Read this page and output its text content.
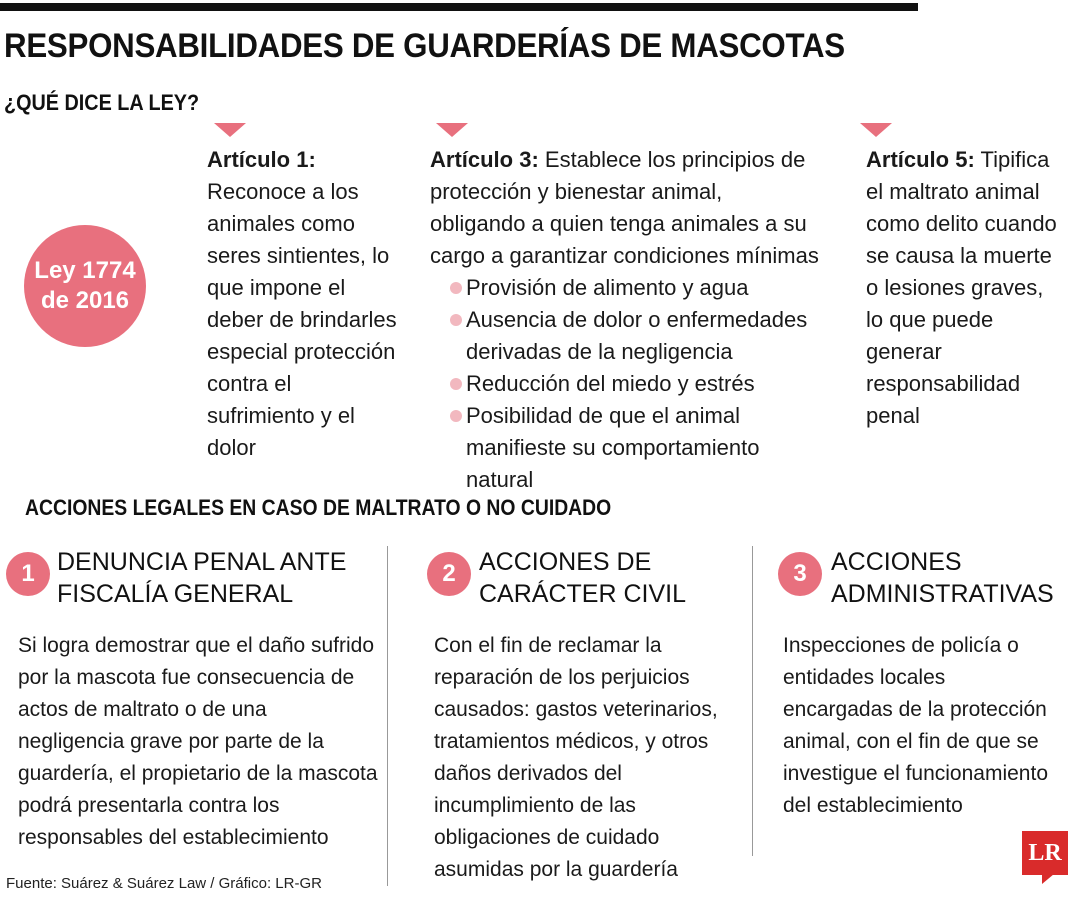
RESPONSABILIDADES DE GUARDERÍAS DE MASCOTAS
¿QUÉ DICE LA LEY?
Ley 1774
de 2016

Artículo 1:

Reconoce a los animales como seres sintientes, lo que impone el deber de brindarles especial protección contra el sufrimiento y el dolor

Artículo 3: Establece los principios de protección y bienestar animal, obligando a quien tenga animales a su cargo a garantizar condiciones mínimas

Provisión de alimento y agua
Ausencia de dolor o enfermedades derivadas de la negligencia
Reducción del miedo y estrés
Posibilidad de que el animal manifieste su comportamiento natural

Artículo 5: Tipifica el maltrato animal como delito cuando se causa la muerte o lesiones graves, lo que puede generar responsabilidad penal

ACCIONES LEGALES EN CASO DE MALTRATO O NO CUIDADO
1 DENUNCIA PENAL ANTE FISCALÍA GENERAL
Si logra demostrar que el daño sufrido por la mascota fue consecuencia de actos de maltrato o de una negligencia grave por parte de la guardería, el propietario de la mascota podrá presentarla contra los responsables del establecimiento
2 ACCIONES DE CARÁCTER CIVIL
Con el fin de reclamar la reparación de los perjuicios causados: gastos veterinarios, tratamientos médicos, y otros daños derivados del incumplimiento de las obligaciones de cuidado asumidas por la guardería
3 ACCIONES ADMINISTRATIVAS
Inspecciones de policía o entidades locales encargadas de la protección animal, con el fin de que se investigue el funcionamiento del establecimiento
Fuente: Suárez & Suárez Law / Gráfico: LR-GR
LR
